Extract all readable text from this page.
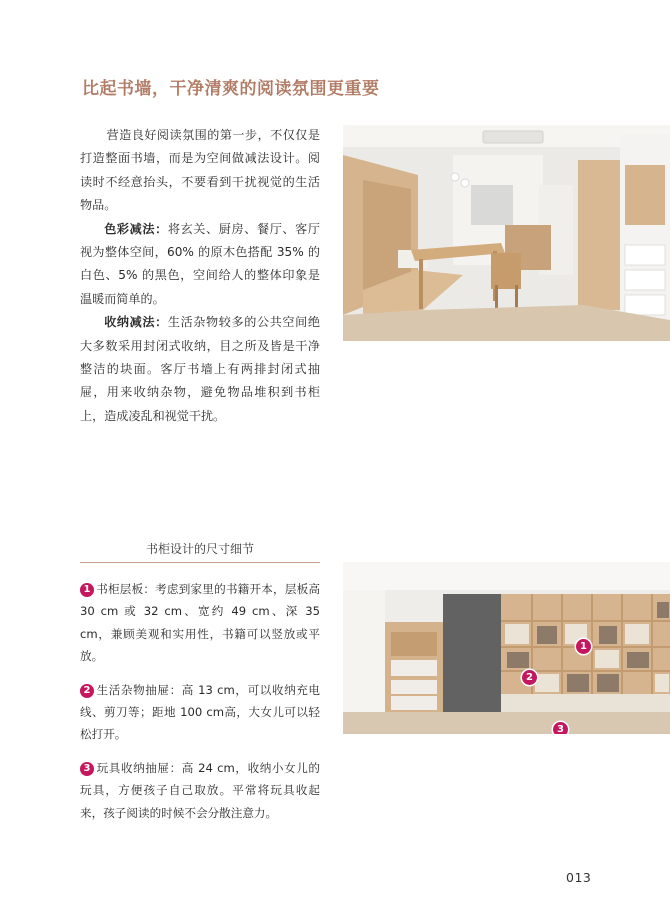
比起书墙，干净清爽的阅读氛围更重要

营造良好阅读氛围的第一步，不仅仅是打造整面书墙，而是为空间做减法设计。阅读时不经意抬头，不要看到干扰视觉的生活物品。

色彩减法：将玄关、厨房、餐厅、客厅视为整体空间，60% 的原木色搭配 35% 的白色、5% 的黑色，空间给人的整体印象是温暖而简单的。

收纳减法：生活杂物较多的公共空间绝大多数采用封闭式收纳，目之所及皆是干净整洁的块面。客厅书墙上有两排封闭式抽屉，用来收纳杂物，避免物品堆积到书柜上，造成凌乱和视觉干扰。

1
2
3
书柜设计的尺寸细节

1 书柜层板：考虑到家里的书籍开本，层板高 30 cm 或 32 cm、宽约 49 cm、深 35 cm，兼顾美观和实用性，书籍可以竖放或平放。

2 生活杂物抽屉：高 13 cm，可以收纳充电线、剪刀等；距地 100 cm高，大女儿可以轻松打开。

3 玩具收纳抽屉：高 24 cm，收纳小女儿的玩具，方便孩子自己取放。平常将玩具收起来，孩子阅读的时候不会分散注意力。

013
